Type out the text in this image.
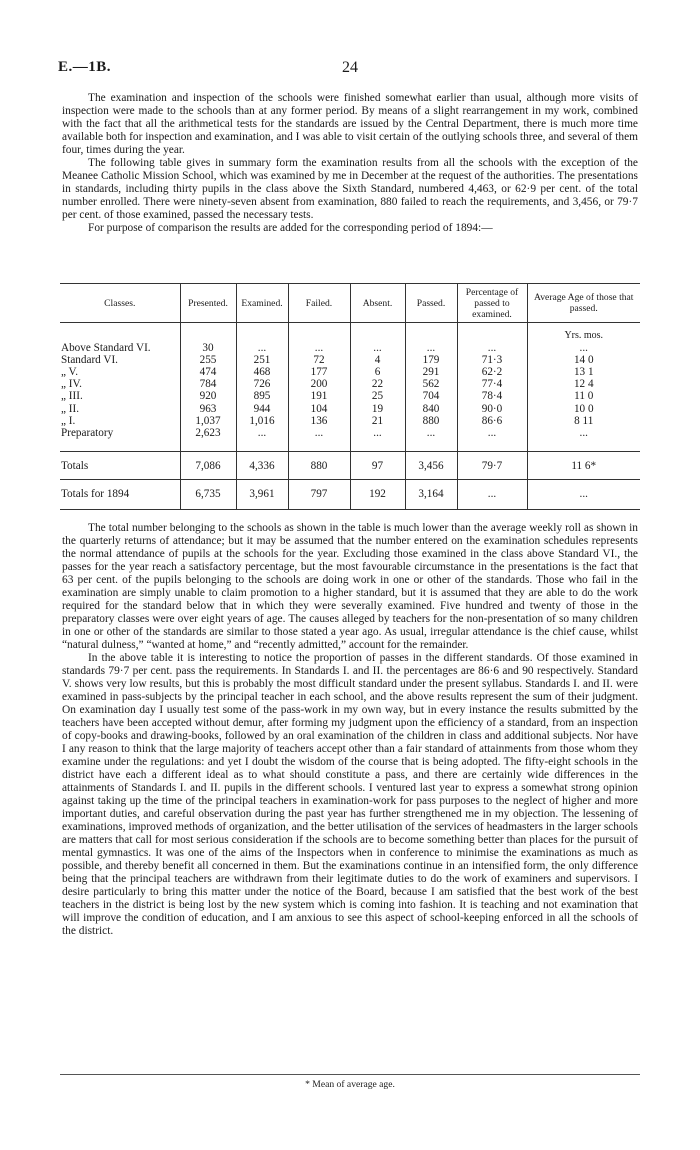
E.—1B.	24

The examination and inspection of the schools were finished somewhat earlier than usual, although more visits of inspection were made to the schools than at any former period. By means of a slight rearrangement in my work, combined with the fact that all the arithmetical tests for the standards are issued by the Central Department, there is much more time available both for inspection and examination, and I was able to visit certain of the outlying schools three, and several of them four, times during the year.

The following table gives in summary form the examination results from all the schools with the exception of the Meanee Catholic Mission School, which was examined by me in December at the request of the authorities. The presentations in standards, including thirty pupils in the class above the Sixth Standard, numbered 4,463, or 62·9 per cent. of the total number enrolled. There were ninety-seven absent from examination, 880 failed to reach the requirements, and 3,456, or 79·7 per cent. of those examined, passed the necessary tests.

For purpose of comparison the results are added for the corresponding period of 1894:—

Classes.	Presented.	Examined.	Failed.	Absent.	Passed.	Percentage of passed to examined.	Average Age of those that passed.
							Yrs. mos.
Above Standard VI.	30	...	...	...	...	...	...
Standard VI.	255	251	72	4	179	71·3	14 0
„ V.	474	468	177	6	291	62·2	13 1
„ IV.	784	726	200	22	562	77·4	12 4
„ III.	920	895	191	25	704	78·4	11 0
„ II.	963	944	104	19	840	90·0	10 0
„ I.	1,037	1,016	136	21	880	86·6	8 11
Preparatory	2,623	...	...	...	...	...	...

Totals	7,086	4,336	880	97	3,456	79·7	11 6*
Totals for 1894	6,735	3,961	797	192	3,164	...	...

The total number belonging to the schools as shown in the table is much lower than the average weekly roll as shown in the quarterly returns of attendance; but it may be assumed that the number entered on the examination schedules represents the normal attendance of pupils at the schools for the year. Excluding those examined in the class above Standard VI., the passes for the year reach a satisfactory percentage, but the most favourable circumstance in the presentations is the fact that 63 per cent. of the pupils belonging to the schools are doing work in one or other of the standards. Those who fail in the examination are simply unable to claim promotion to a higher standard, but it is assumed that they are able to do the work required for the standard below that in which they were severally examined. Five hundred and twenty of those in the preparatory classes were over eight years of age. The causes alleged by teachers for the non-presentation of so many children in one or other of the standards are similar to those stated a year ago. As usual, irregular attendance is the chief cause, whilst “natural dulness,” “wanted at home,” and “recently admitted,” account for the remainder.

In the above table it is interesting to notice the proportion of passes in the different standards. Of those examined in standards 79·7 per cent. pass the requirements. In Standards I. and II. the percentages are 86·6 and 90 respectively. Standard V. shows very low results, but this is probably the most difficult standard under the present syllabus. Standards I. and II. were examined in pass-subjects by the principal teacher in each school, and the above results represent the sum of their judgment. On examination day I usually test some of the pass-work in my own way, but in every instance the results submitted by the teachers have been accepted without demur, after forming my judgment upon the efficiency of a standard, from an inspection of copy-books and drawing-books, followed by an oral examination of the children in class and additional subjects. Nor have I any reason to think that the large majority of teachers accept other than a fair standard of attainments from those whom they examine under the regulations: and yet I doubt the wisdom of the course that is being adopted. The fifty-eight schools in the district have each a different ideal as to what should constitute a pass, and there are certainly wide differences in the attainments of Standards I. and II. pupils in the different schools. I ventured last year to express a somewhat strong opinion against taking up the time of the principal teachers in examination-work for pass purposes to the neglect of higher and more important duties, and careful observation during the past year has further strengthened me in my objection. The lessening of examinations, improved methods of organization, and the better utilisation of the services of headmasters in the larger schools are matters that call for most serious consideration if the schools are to become something better than places for the pursuit of mental gymnastics. It was one of the aims of the Inspectors when in conference to minimise the examinations as much as possible, and thereby benefit all concerned in them. But the examinations continue in an intensified form, the only difference being that the principal teachers are withdrawn from their legitimate duties to do the work of examiners and supervisors. I desire particularly to bring this matter under the notice of the Board, because I am satisfied that the best work of the best teachers in the district is being lost by the new system which is coming into fashion. It is teaching and not examination that will improve the condition of education, and I am anxious to see this aspect of school-keeping enforced in all the schools of the district.

* Mean of average age.
